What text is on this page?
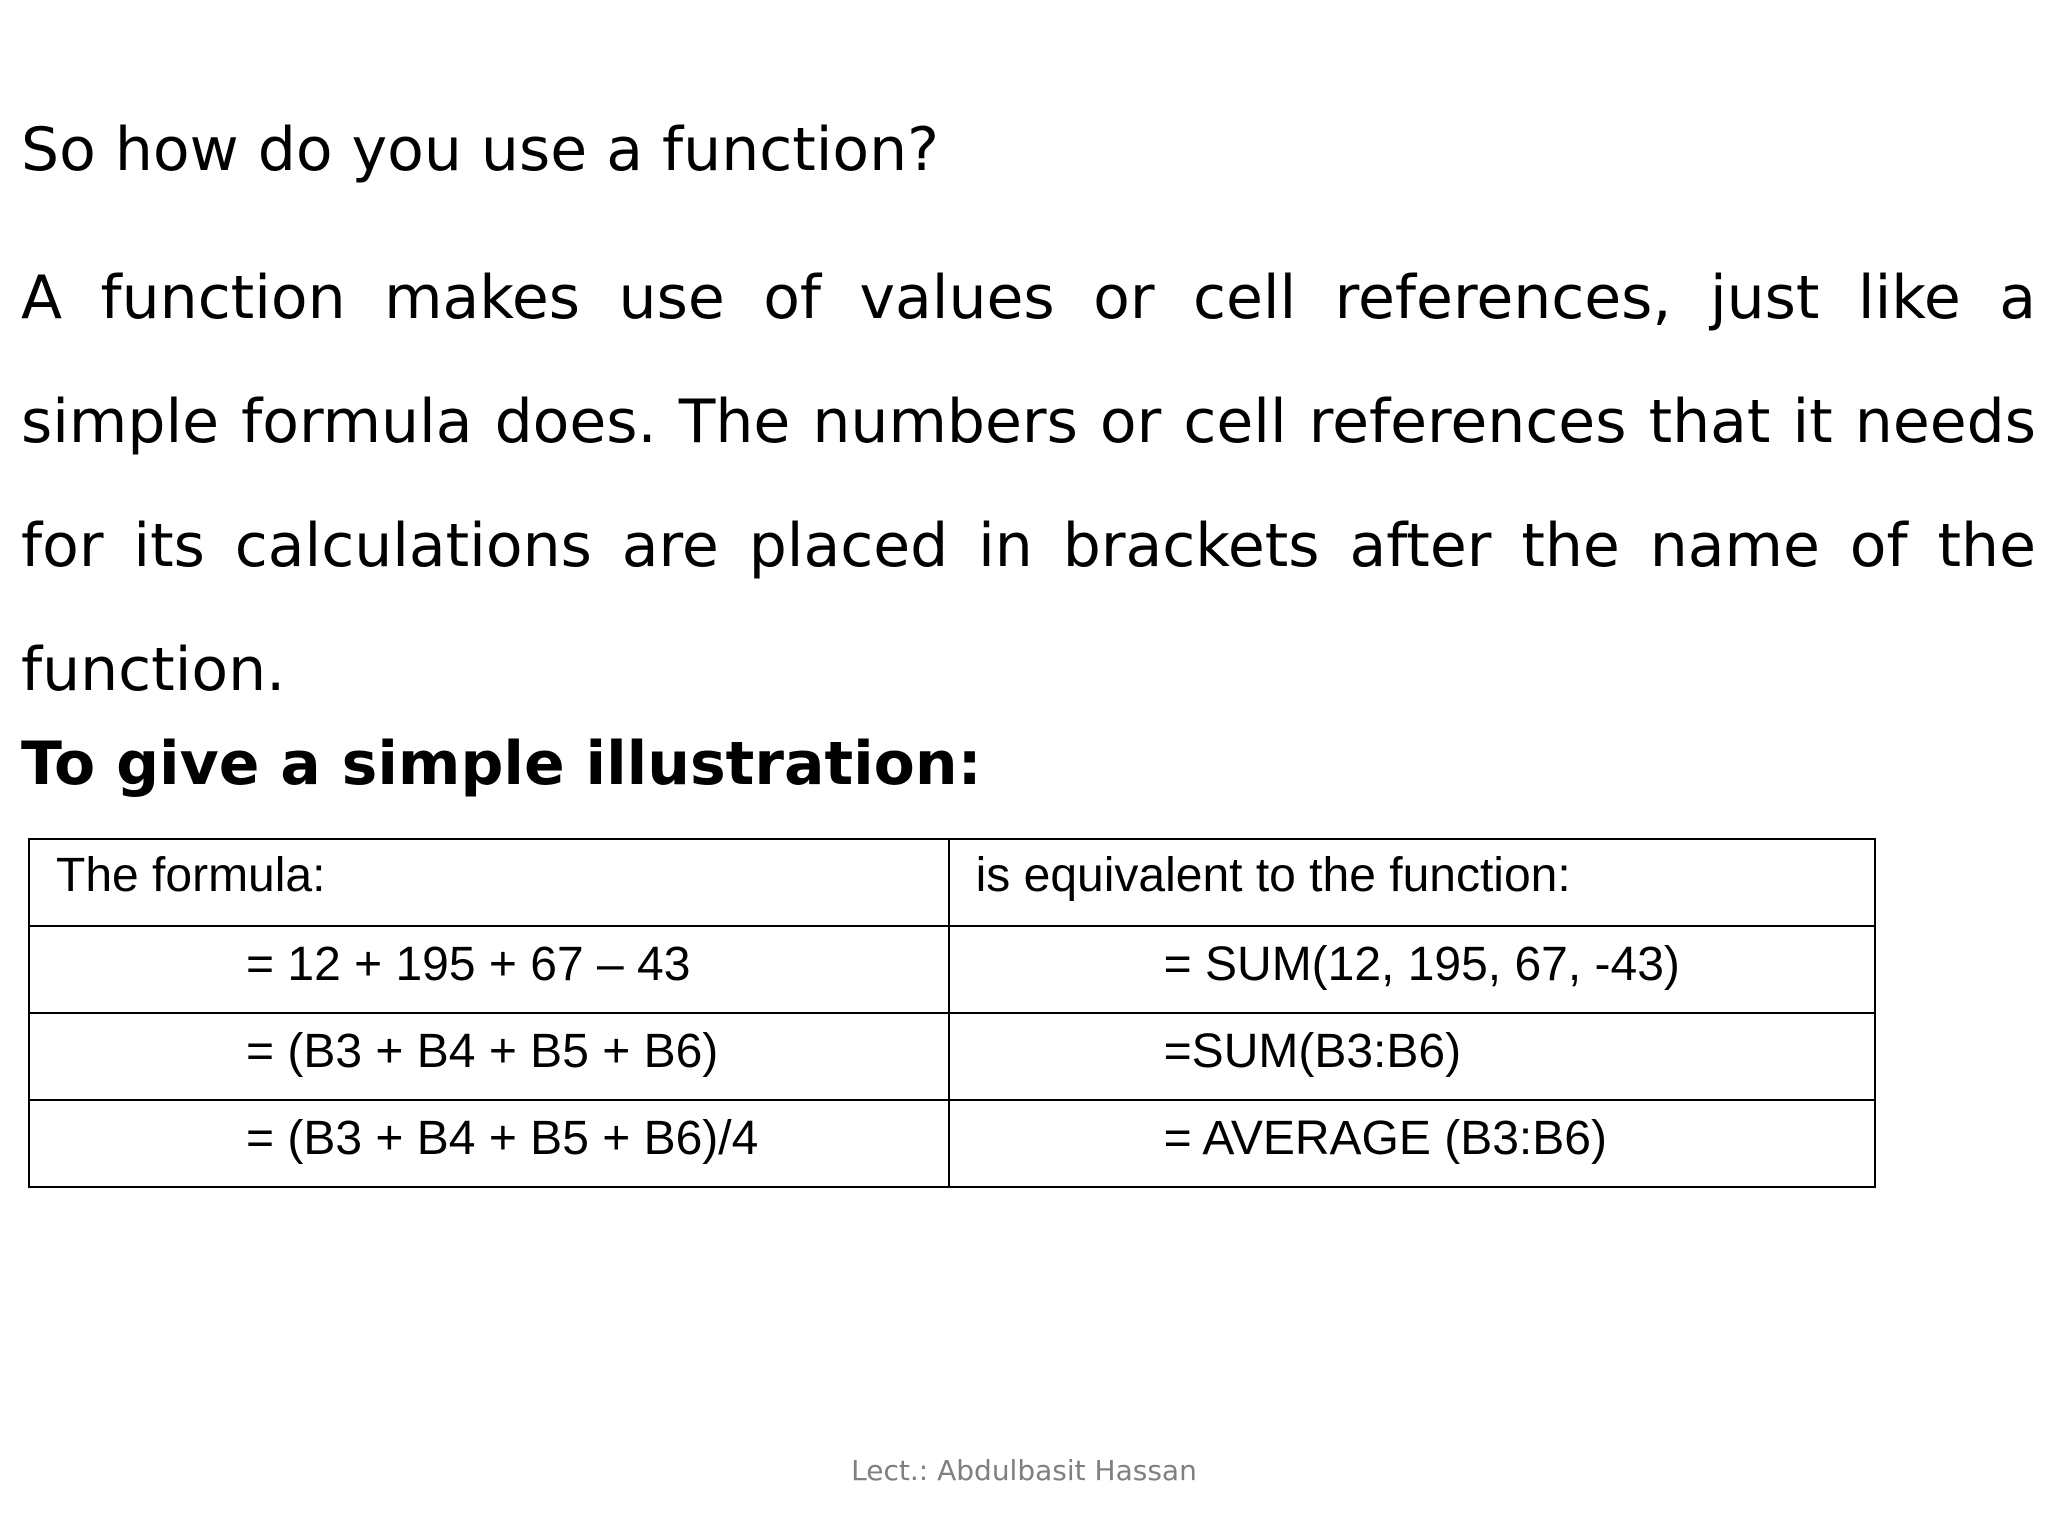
So how do you use a function?

A function makes use of values or cell references, just like a simple formula does. The numbers or cell references that it needs for its calculations are placed in brackets after the name of the function.

To give a simple illustration:

The formula:	is equivalent to the function:

= 12 + 195 + 67 – 43	= SUM(12, 195, 67, -43)

= (B3 + B4 + B5 + B6)	=SUM(B3:B6)

= (B3 + B4 + B5 + B6)/4	= AVERAGE (B3:B6)
Lect.: Abdulbasit Hassan
